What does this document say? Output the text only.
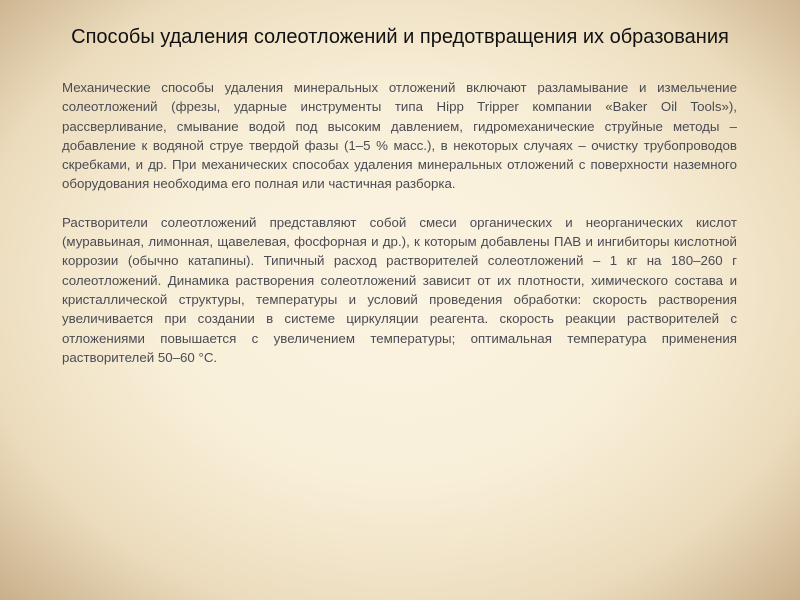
Способы удаления солеотложений и предотвращения их образования

Механические способы удаления минеральных отложений включают разламывание и измельчение солеотложений (фрезы, ударные инструменты типа Hipp Tripper компании «Baker Oil Tools»), рассверливание, смывание водой под высоким давлением, гидромеханические струйные методы – добавление к водяной струе твердой фазы (1–5 % масс.), в некоторых случаях – очистку трубопроводов скребками, и др. При механических способах удаления минеральных отложений с поверхности наземного оборудования необходима его полная или частичная разборка.

Растворители солеотложений представляют собой смеси органических и неорганических кислот (муравьиная, лимонная, щавелевая, фосфорная и др.), к которым добавлены ПАВ и ингибиторы кислотной коррозии (обычно катапины). Типичный расход растворителей солеотложений – 1 кг на 180–260 г солеотложений. Динамика растворения солеотложений зависит от их плотности, химического состава и кристаллической структуры, температуры и условий проведения обработки: скорость растворения увеличивается при создании в системе циркуляции реагента. скорость реакции растворителей с отложениями повышается с увеличением температуры; оптимальная температура применения растворителей 50–60 °C.
